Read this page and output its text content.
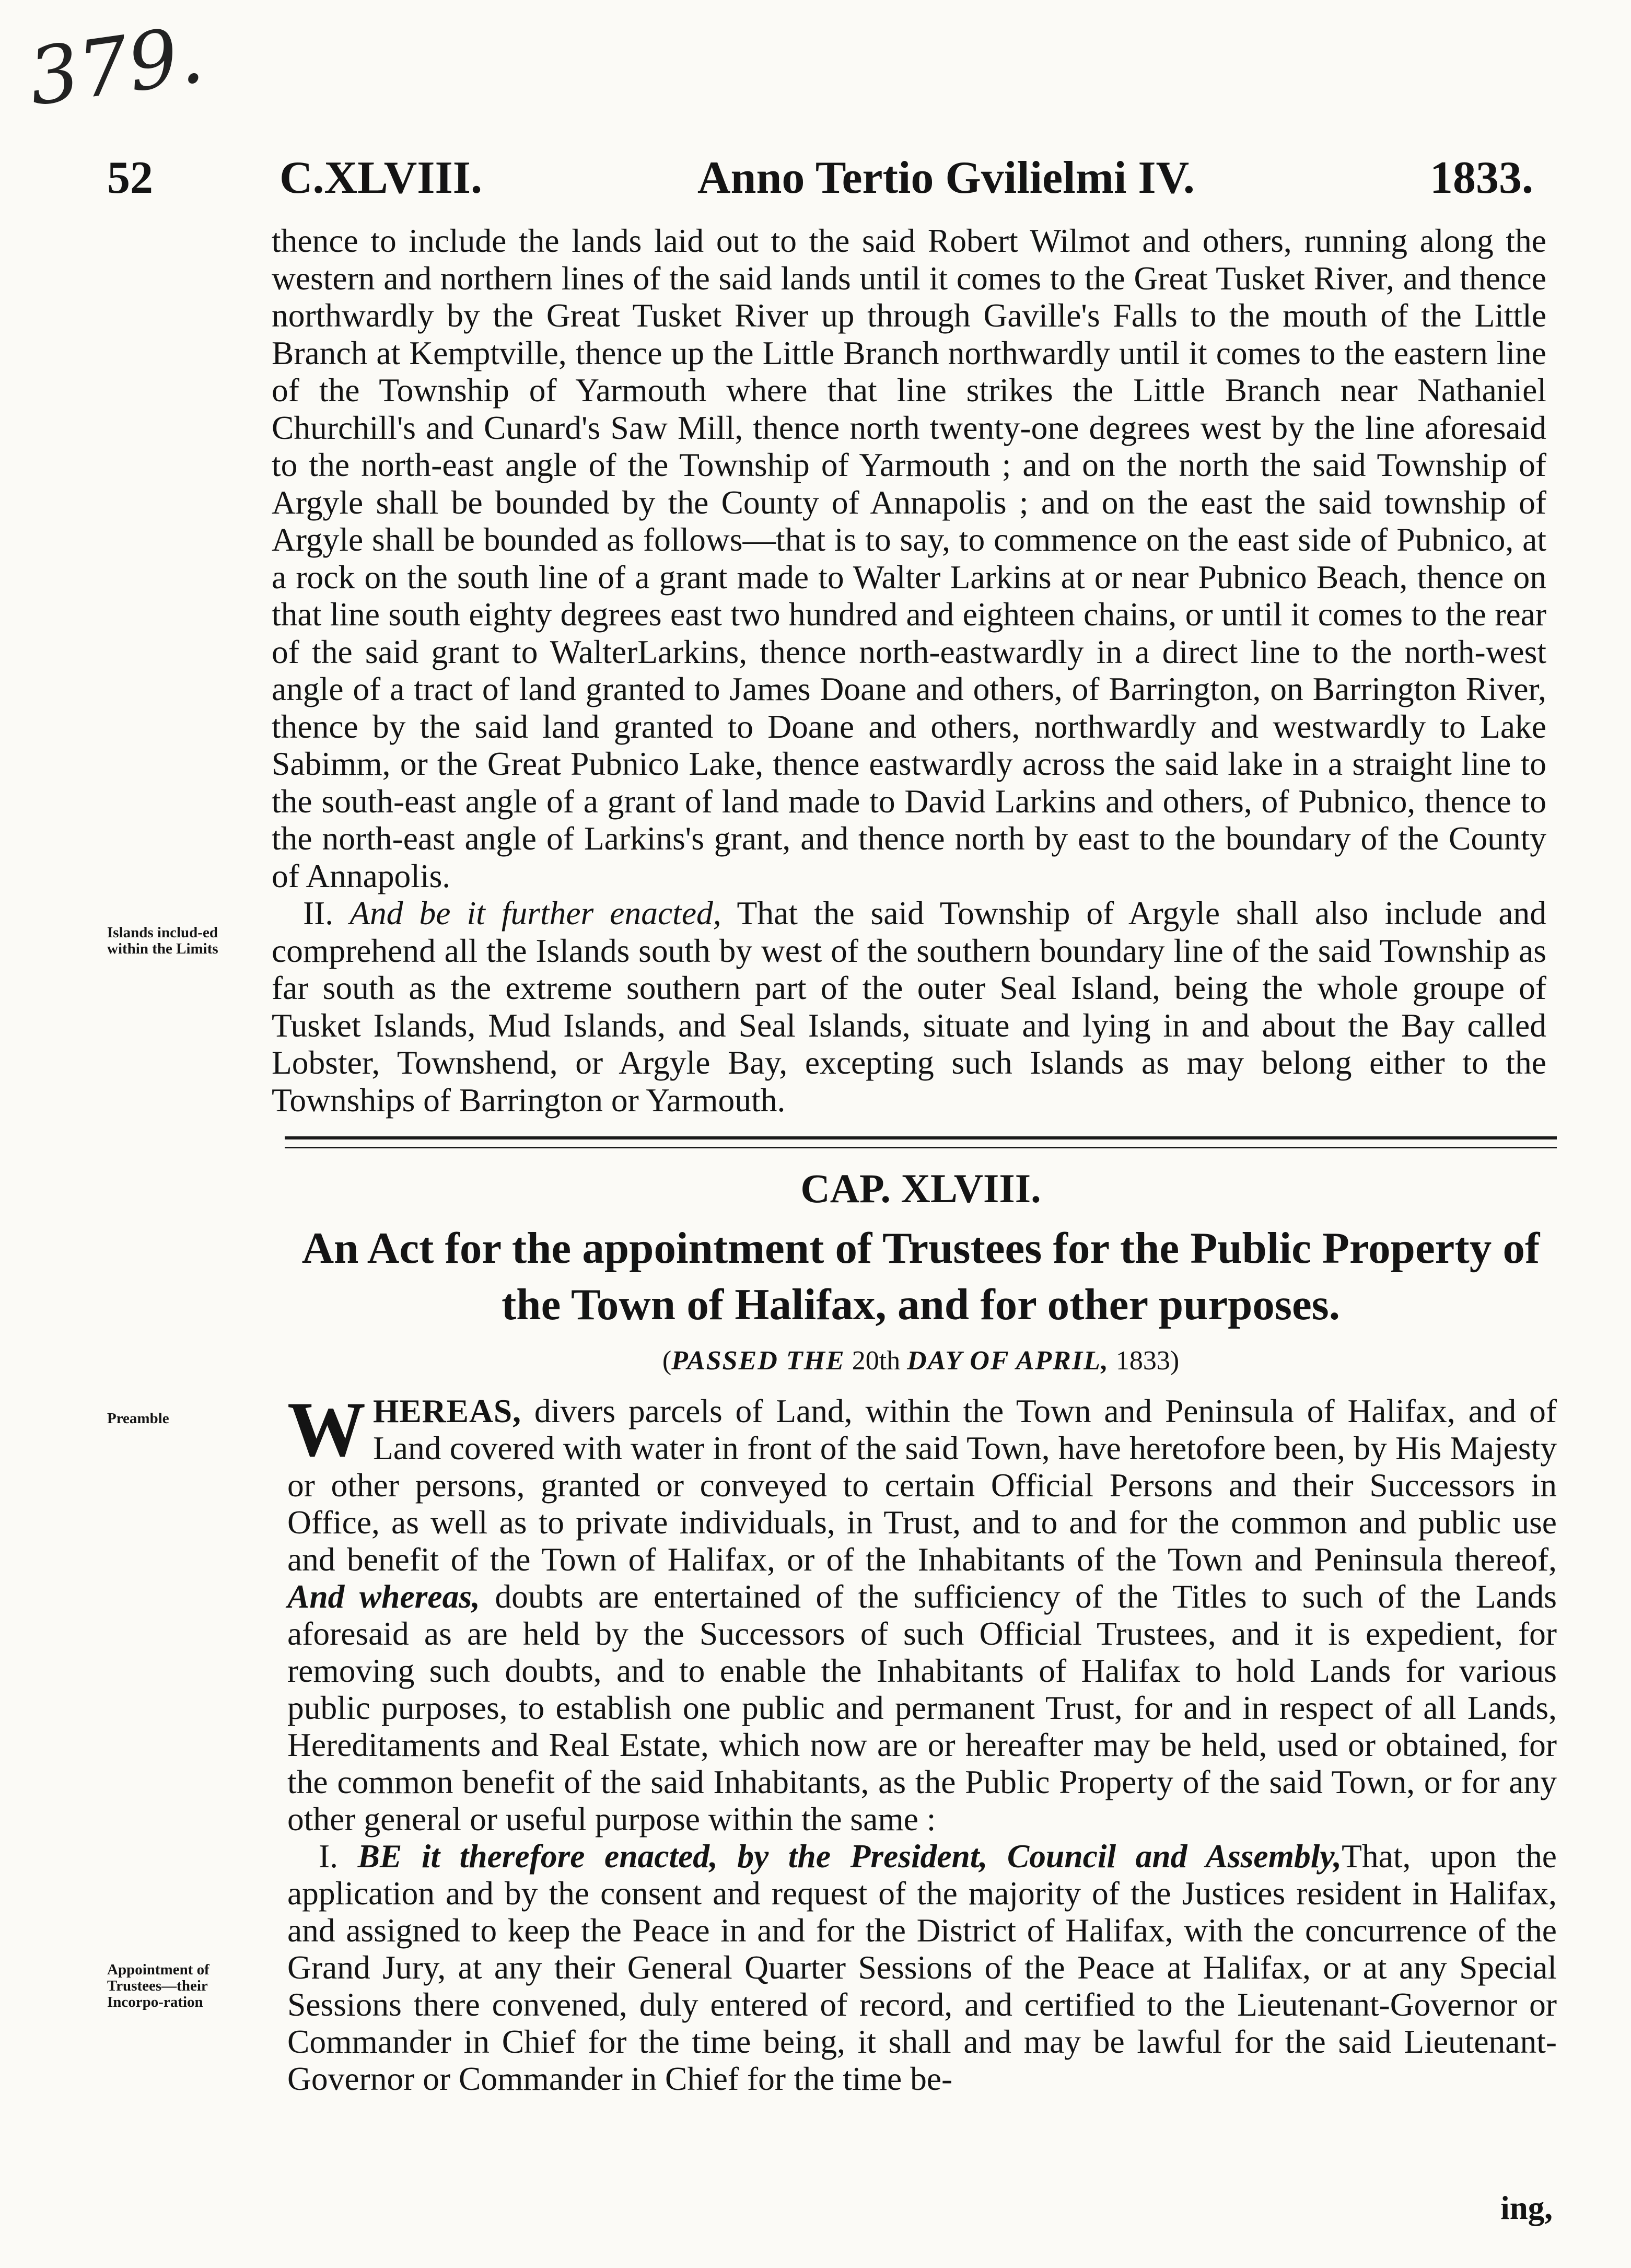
379.
52	C.XLVIII.	Anno Tertio Gvilielmi IV.	1833.

thence to include the lands laid out to the said Robert Wilmot and others, running along the western and northern lines of the said lands until it comes to the Great Tusket River, and thence northwardly by the Great Tusket River up through Gaville's Falls to the mouth of the Little Branch at Kemptville, thence up the Little Branch northwardly until it comes to the eastern line of the Township of Yarmouth where that line strikes the Little Branch near Nathaniel Churchill's and Cunard's Saw Mill, thence north twenty-one degrees west by the line aforesaid to the north-east angle of the Township of Yarmouth ; and on the north the said Township of Argyle shall be bounded by the County of Annapolis ; and on the east the said township of Argyle shall be bounded as follows—that is to say, to commence on the east side of Pubnico, at a rock on the south line of a grant made to Walter Larkins at or near Pubnico Beach, thence on that line south eighty degrees east two hundred and eighteen chains, or until it comes to the rear of the said grant to WalterLarkins, thence north-eastwardly in a direct line to the north-west angle of a tract of land granted to James Doane and others, of Barrington, on Barrington River, thence by the said land granted to Doane and others, northwardly and westwardly to Lake Sabimm, or the Great Pubnico Lake, thence eastwardly across the said lake in a straight line to the south-east angle of a grant of land made to David Larkins and others, of Pubnico, thence to the north-east angle of Larkins's grant, and thence north by east to the boundary of the County of Annapolis.

II. And be it further enacted, That the said Township of Argyle shall also include and comprehend all the Islands south by west of the southern boundary line of the said Township as far south as the extreme southern part of the outer Seal Island, being the whole groupe of Tusket Islands, Mud Islands, and Seal Islands, situate and lying in and about the Bay called Lobster, Townshend, or Argyle Bay, excepting such Islands as may belong either to the Townships of Barrington or Yarmouth.

Islands includ-ed within the Limits
CAP. XLVIII.
An Act for the appointment of Trustees for the Public Property of the Town of Halifax, and for other purposes.
(PASSED THE 20th DAY OF APRIL, 1833)
Preamble
Appointment of Trustees—their Incorpo-ration

WHEREAS, divers parcels of Land, within the Town and Peninsula of Halifax, and of Land covered with water in front of the said Town, have heretofore been, by His Majesty or other persons, granted or conveyed to certain Official Persons and their Successors in Office, as well as to private individuals, in Trust, and to and for the common and public use and benefit of the Town of Halifax, or of the Inhabitants of the Town and Peninsula thereof, And whereas, doubts are entertained of the sufficiency of the Titles to such of the Lands aforesaid as are held by the Successors of such Official Trustees, and it is expedient, for removing such doubts, and to enable the Inhabitants of Halifax to hold Lands for various public purposes, to establish one public and permanent Trust, for and in respect of all Lands, Hereditaments and Real Estate, which now are or hereafter may be held, used or obtained, for the common benefit of the said Inhabitants, as the Public Property of the said Town, or for any other general or useful purpose within the same :

I. BE it therefore enacted, by the President, Council and Assembly,That, upon the application and by the consent and request of the majority of the Justices resident in Halifax, and assigned to keep the Peace in and for the District of Halifax, with the concurrence of the Grand Jury, at any their General Quarter Sessions of the Peace at Halifax, or at any Special Sessions there convened, duly entered of record, and certified to the Lieutenant-Governor or Commander in Chief for the time being, it shall and may be lawful for the said Lieutenant-Governor or Commander in Chief for the time be-

ing,
